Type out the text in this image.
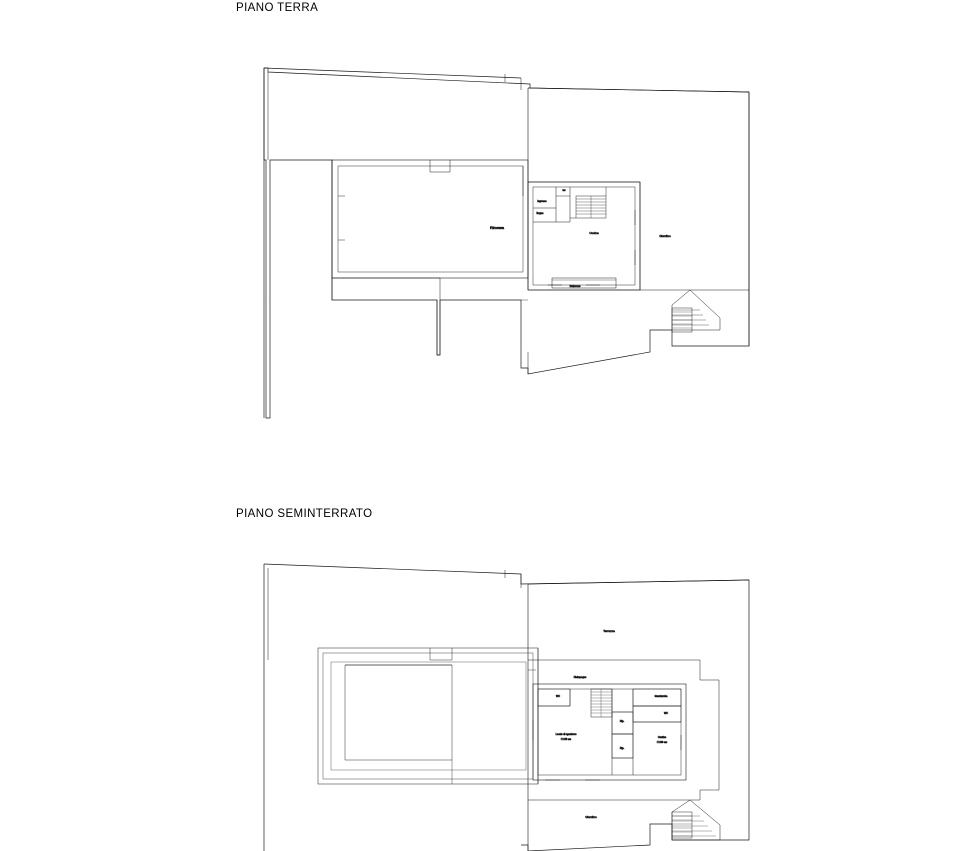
PIANO TERRA
PIANO SEMINTERRATO
Rimessa
Ingresso
Bagno
wc
Cucina
Giardino
Balcone
Terrazza
Disimpegno
WC	Guardaroba
WC
Rip.
Rip.
Locale di sgombero
H 243 cm
Cantina
H 239 cm
Giardino
